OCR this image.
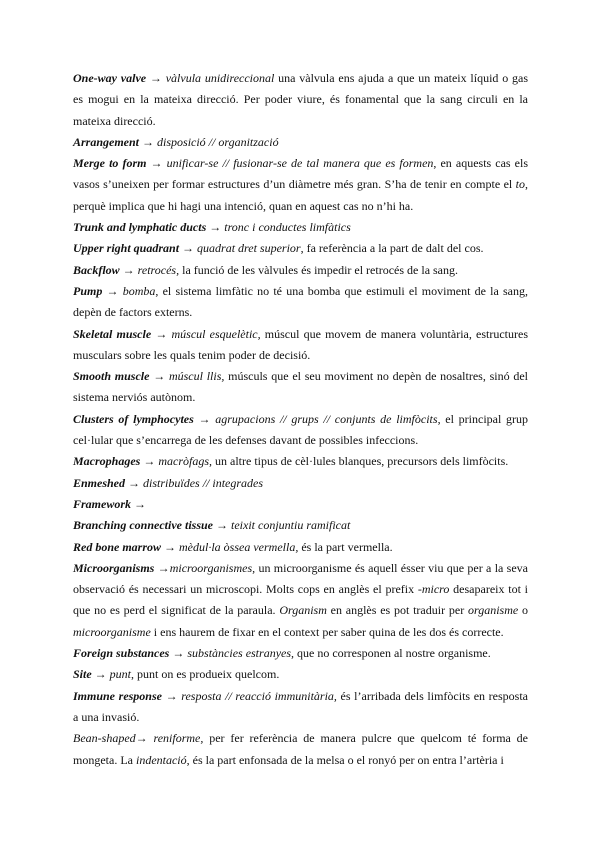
One-way valve → vàlvula unidireccional una vàlvula ens ajuda a que un mateix líquid o gas es mogui en la mateixa direcció. Per poder viure, és fonamental que la sang circuli en la mateixa direcció.

Arrangement → disposició // organització

Merge to form → unificar-se // fusionar-se de tal manera que es formen, en aquests cas els vasos s’uneixen per formar estructures d’un diàmetre més gran. S’ha de tenir en compte el to, perquè implica que hi hagi una intenció, quan en aquest cas no n’hi ha.

Trunk and lymphatic ducts → tronc i conductes limfàtics

Upper right quadrant → quadrat dret superior, fa referència a la part de dalt del cos.

Backflow → retrocés, la funció de les vàlvules és impedir el retrocés de la sang.

Pump → bomba, el sistema limfàtic no té una bomba que estimuli el moviment de la sang, depèn de factors externs.

Skeletal muscle → múscul esquelètic, múscul que movem de manera voluntària, estructures musculars sobre les quals tenim poder de decisió.

Smooth muscle → múscul llis, músculs que el seu moviment no depèn de nosaltres, sinó del sistema nerviós autònom.

Clusters of lymphocytes → agrupacions // grups // conjunts de limfòcits, el principal grup cel·lular que s’encarrega de les defenses davant de possibles infeccions.

Macrophages → macròfags, un altre tipus de cèl·lules blanques, precursors dels limfòcits.

Enmeshed → distribuïdes // integrades

Framework →

Branching connective tissue → teixit conjuntiu ramificat

Red bone marrow → mèdul·la òssea vermella, és la part vermella.

Microorganisms →microorganismes, un microorganisme és aquell ésser viu que per a la seva observació és necessari un microscopi. Molts cops en anglès el prefix -micro desapareix tot i que no es perd el significat de la paraula. Organism en anglès es pot traduir per organisme o microorganisme i ens haurem de fixar en el context per saber quina de les dos és correcte.

Foreign substances → substàncies estranyes, que no corresponen al nostre organisme.

Site → punt, punt on es produeix quelcom.

Immune response → resposta // reacció immunitària, és l’arribada dels limfòcits en resposta a una invasió.

Bean-shaped→ reniforme, per fer referència de manera pulcre que quelcom té forma de mongeta. La indentació, és la part enfonsada de la melsa o el ronyó per on entra l’artèria i
